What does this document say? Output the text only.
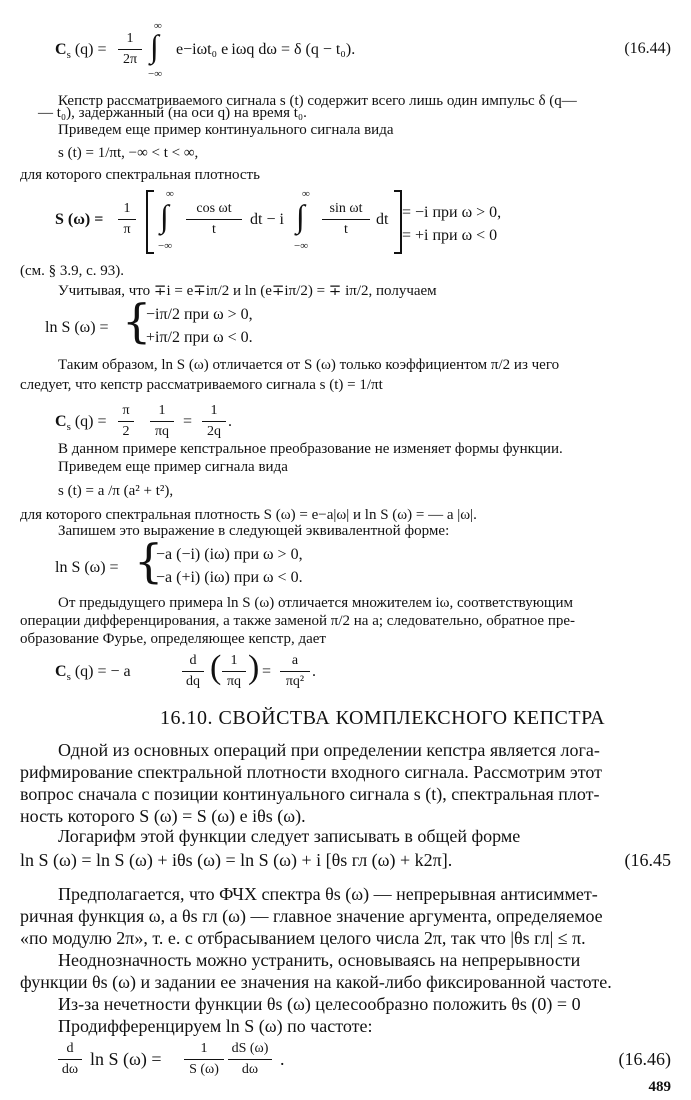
$C_s$ (q) =
1
2π
∞
∫
−∞
e−iωt₀ e iωq dω = δ (q − t₀).	(16.44)
Кепстр рассматриваемого сигнала s (t) содержит всего лишь один импульс δ (q—
— t₀), задержанный (на оси q) на время t₀.
Приведем еще пример континуального сигнала вида
s (t) = 1/πt, −∞ < t < ∞,
для которого спектральная плотность
S (ω) =
1
π
∞
∫
−∞
cos ωt
t
dt − i
∞
∫
−∞
sin ωt
t
dt = −i при ω > 0,
= +i при ω < 0
(см. § 3.9, с. 93).
Учитывая, что ∓i = e∓iπ/2 и ln (e∓iπ/2) = ∓ iπ/2, получаем
ln S (ω) = {
−iπ/2 при ω > 0,
+iπ/2 при ω < 0.
Таким образом, ln S (ω) отличается от S (ω) только коэффициентом π/2 из чего
следует, что кепстр рассматриваемого сигнала s (t) = 1/πt
$C_s$ (q) =
π
2
1
πq
=
1
2q
.
В данном примере кепстральное преобразование не изменяет формы функции.
Приведем еще пример сигнала вида
s (t) = a /π (a² + t²),
для которого спектральная плотность S (ω) = e−a|ω| и ln S (ω) = — a |ω|.
Запишем это выражение в следующей эквивалентной форме:
ln S (ω) = {
−a (−i) (iω) при ω > 0,
−a (+i) (iω) при ω < 0.
От предыдущего примера ln S (ω) отличается множителем iω, соответствующим
операции дифференцирования, а также заменой π/2 на a; следовательно, обратное пре-
образование Фурье, определяющее кепстр, дает
$C_s$ (q) = − a
d
dq ( 1
πq ) =
a
πq²
.
16.10. СВОЙСТВА КОМПЛЕКСНОГО КЕПСТРА
Одной из основных операций при определении кепстра является лога-
рифмирование спектральной плотности входного сигнала. Рассмотрим этот
вопрос сначала с позиции континуального сигнала s (t), спектральная плот-
ность которого S (ω) = S (ω) e iθs (ω).
Логарифм этой функции следует записывать в общей форме
ln S (ω) = ln S (ω) + iθs (ω) = ln S (ω) + i [θs гл (ω) + k2π].	(16.45
Предполагается, что ФЧХ спектра θs (ω) — непрерывная антисиммет-
ричная функция ω, а θs гл (ω) — главное значение аргумента, определяемое
«по модулю 2π», т. е. с отбрасыванием целого числа 2π, так что |θs гл| ≤ π.
Неоднозначность можно устранить, основываясь на непрерывности
функции θs (ω) и задании ее значения на какой-либо фиксированной частоте.
Из-за нечетности функции θs (ω) целесообразно положить θs (0) = 0
Продифференцируем ln S (ω) по частоте:
d
dω
ln S (ω) =
1
S (ω)
dS (ω)
dω
.	(16.46)
489
